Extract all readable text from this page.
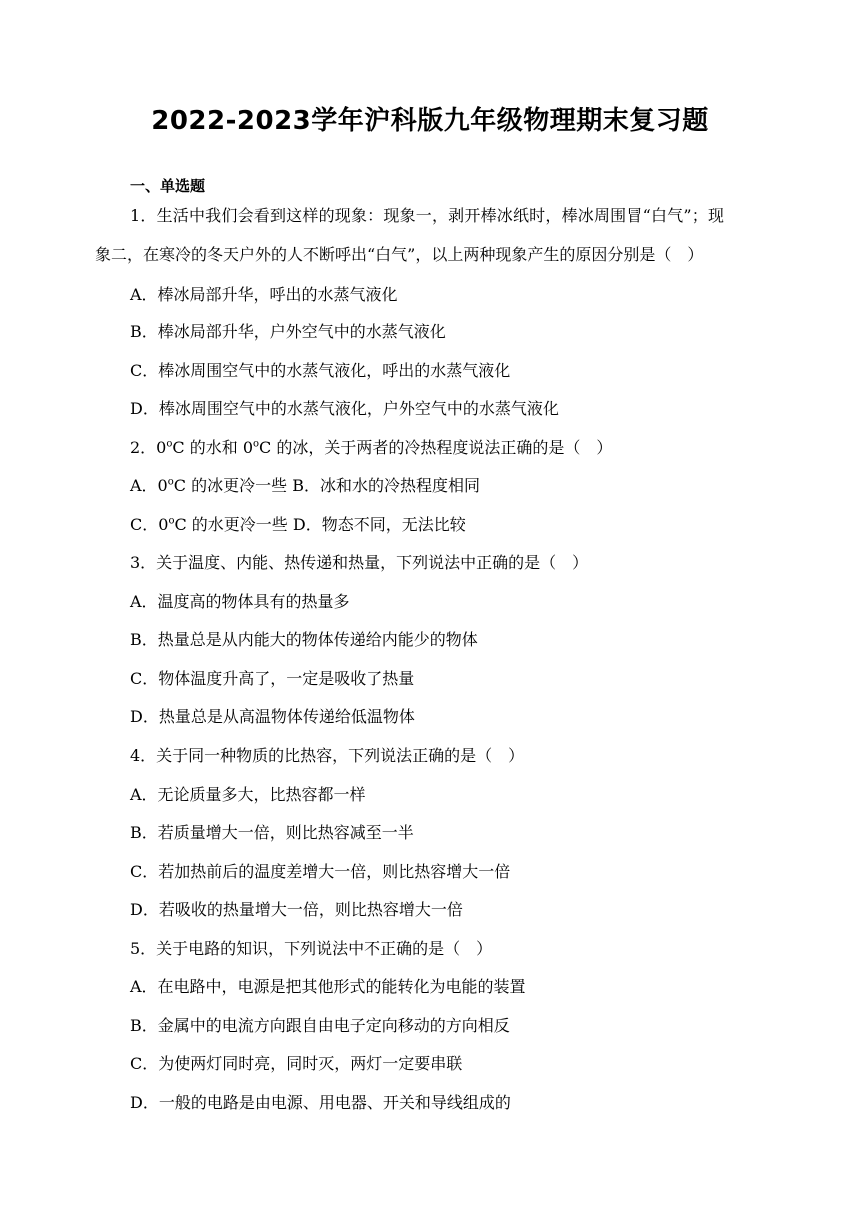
2022-2023学年沪科版九年级物理期末复习题
一、单选题
1．生活中我们会看到这样的现象：现象一，剥开棒冰纸时，棒冰周围冒“白气”；现
象二，在寒冷的冬天户外的人不断呼出“白气”，以上两种现象产生的原因分别是（　）
A．棒冰局部升华，呼出的水蒸气液化
B．棒冰局部升华，户外空气中的水蒸气液化
C．棒冰周围空气中的水蒸气液化，呼出的水蒸气液化
D．棒冰周围空气中的水蒸气液化，户外空气中的水蒸气液化
2．0$^o$C 的水和 0$^o$C 的冰，关于两者的冷热程度说法正确的是（　）
A．0$^o$C 的冰更冷一些 B．冰和水的冷热程度相同
C．0$^o$C 的水更冷一些 D．物态不同，无法比较
3．关于温度、内能、热传递和热量，下列说法中正确的是（　）
A．温度高的物体具有的热量多
B．热量总是从内能大的物体传递给内能少的物体
C．物体温度升高了，一定是吸收了热量
D．热量总是从高温物体传递给低温物体
4．关于同一种物质的比热容，下列说法正确的是（　）
A．无论质量多大，比热容都一样
B．若质量增大一倍，则比热容减至一半
C．若加热前后的温度差增大一倍，则比热容增大一倍
D．若吸收的热量增大一倍，则比热容增大一倍
5．关于电路的知识，下列说法中不正确的是（　）
A．在电路中，电源是把其他形式的能转化为电能的装置
B．金属中的电流方向跟自由电子定向移动的方向相反
C．为使两灯同时亮，同时灭，两灯一定要串联
D．一般的电路是由电源、用电器、开关和导线组成的
